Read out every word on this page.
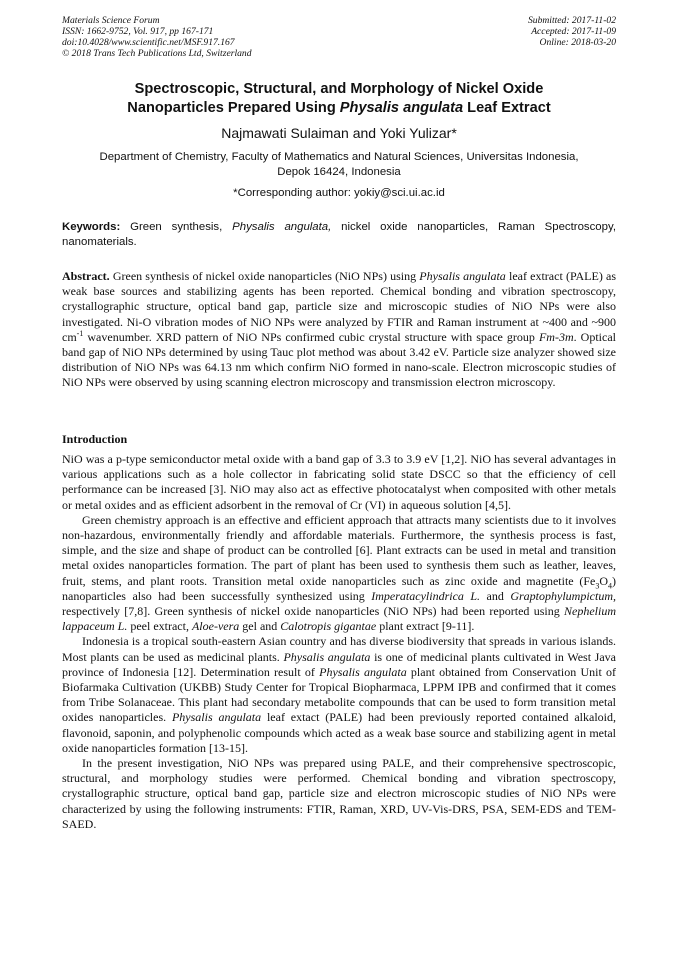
Materials Science Forum
ISSN: 1662-9752, Vol. 917, pp 167-171
doi:10.4028/www.scientific.net/MSF.917.167
© 2018 Trans Tech Publications Ltd, Switzerland
Submitted: 2017-11-02
Accepted: 2017-11-09
Online: 2018-03-20
Spectroscopic, Structural, and Morphology of Nickel Oxide
Nanoparticles Prepared Using Physalis angulata Leaf Extract
Najmawati Sulaiman and Yoki Yulizar*
Department of Chemistry, Faculty of Mathematics and Natural Sciences, Universitas Indonesia,
Depok 16424, Indonesia
*Corresponding author: yokiy@sci.ui.ac.id
Keywords: Green synthesis, Physalis angulata, nickel oxide nanoparticles, Raman Spectroscopy, nanomaterials.
Abstract. Green synthesis of nickel oxide nanoparticles (NiO NPs) using Physalis angulata leaf extract (PALE) as weak base sources and stabilizing agents has been reported. Chemical bonding and vibration spectroscopy, crystallographic structure, optical band gap, particle size and microscopic studies of NiO NPs were also investigated. Ni-O vibration modes of NiO NPs were analyzed by FTIR and Raman instrument at ~400 and ~900 $cm^{-1}$ wavenumber. XRD pattern of NiO NPs confirmed cubic crystal structure with space group Fm-3m. Optical band gap of NiO NPs determined by using Tauc plot method was about 3.42 eV. Particle size analyzer showed size distribution of NiO NPs was 64.13 nm which confirm NiO formed in nano-scale. Electron microscopic studies of NiO NPs were observed by using scanning electron microscopy and transmission electron microscopy.
Introduction

NiO was a p-type semiconductor metal oxide with a band gap of 3.3 to 3.9 eV [1,2]. NiO has several advantages in various applications such as a hole collector in fabricating solid state DSCC so that the efficiency of cell performance can be increased [3]. NiO may also act as effective photocatalyst when composited with other metals or metal oxides and as efficient adsorbent in the removal of Cr (VI) in aqueous solution [4,5].

Green chemistry approach is an effective and efficient approach that attracts many scientists due to it involves non-hazardous, environmentally friendly and affordable materials. Furthermore, the synthesis process is fast, simple, and the size and shape of product can be controlled [6]. Plant extracts can be used in metal and transition metal oxides nanoparticles formation. The part of plant has been used to synthesis them such as leather, leaves, fruit, stems, and plant roots. Transition metal oxide nanoparticles such as zinc oxide and magnetite $(Fe_3O_4)$ nanoparticles also had been successfully synthesized using Imperatacylindrica L. and Graptophylumpictum, respectively [7,8]. Green synthesis of nickel oxide nanoparticles (NiO NPs) had been reported using Nephelium lappaceum L. peel extract, Aloe-vera gel and Calotropis gigantae plant extract [9-11].

Indonesia is a tropical south-eastern Asian country and has diverse biodiversity that spreads in various islands. Most plants can be used as medicinal plants. Physalis angulata is one of medicinal plants cultivated in West Java province of Indonesia [12]. Determination result of Physalis angulata plant obtained from Conservation Unit of Biofarmaka Cultivation (UKBB) Study Center for Tropical Biopharmaca, LPPM IPB and confirmed that it comes from Tribe Solanaceae. This plant had secondary metabolite compounds that can be used to form transition metal oxides nanoparticles. Physalis angulata leaf extact (PALE) had been previously reported contained alkaloid, flavonoid, saponin, and polyphenolic compounds which acted as a weak base source and stabilizing agent in metal oxide nanoparticles formation [13-15].

In the present investigation, NiO NPs was prepared using PALE, and their comprehensive spectroscopic, structural, and morphology studies were performed. Chemical bonding and vibration spectroscopy, crystallographic structure, optical band gap, particle size and electron microscopic studies of NiO NPs were characterized by using the following instruments: FTIR, Raman, XRD, UV-Vis-DRS, PSA, SEM-EDS and TEM-SAED.
